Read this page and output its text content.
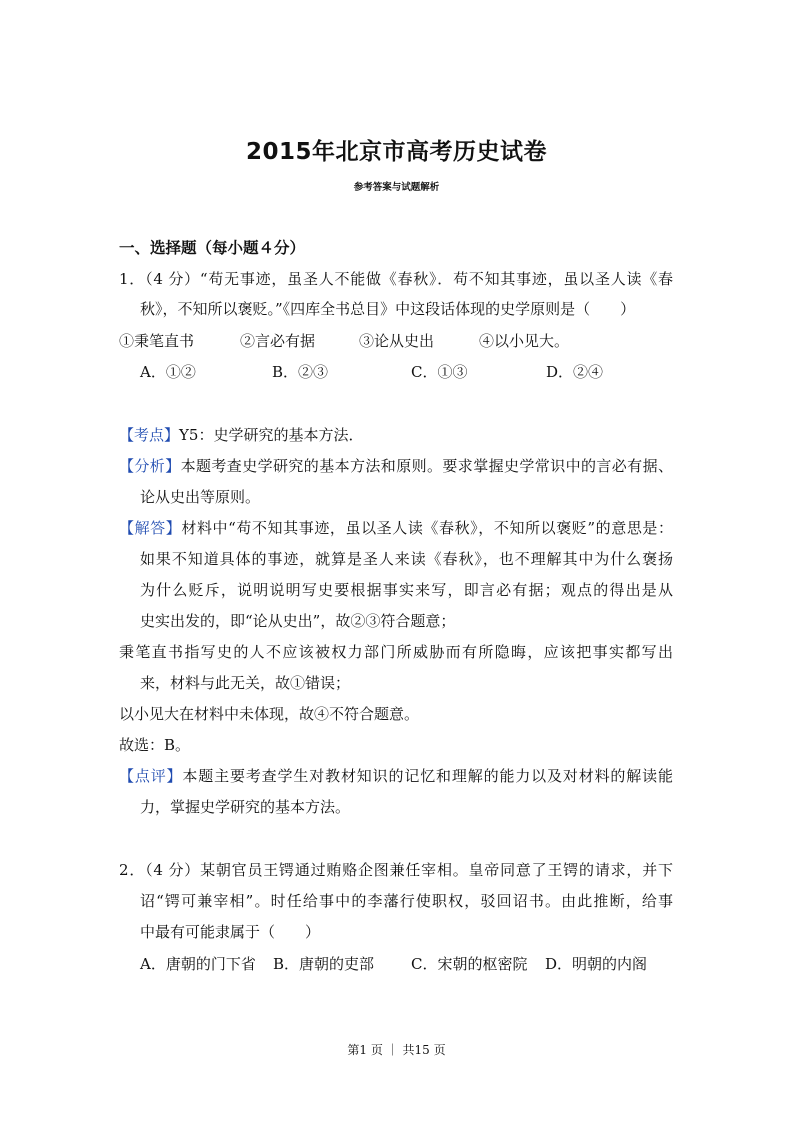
2015年北京市高考历史试卷
参考答案与试题解析
一、选择题（每小题４分）
1．（4 分）“苟无事迹，虽圣人不能做《春秋》．苟不知其事迹，虽以圣人读《春
秋》，不知所以褒贬。”《四库全书总目》中这段话体现的史学原则是（　　）
①秉笔直书	②言必有据	③论从史出	④以小见大。
A．①②	B．②③	C．①③	D．②④
【考点】Y5：史学研究的基本方法．
【分析】本题考查史学研究的基本方法和原则。要求掌握史学常识中的言必有据、
论从史出等原则。
【解答】材料中“苟不知其事迹，虽以圣人读《春秋》，不知所以褒贬”的意思是：
如果不知道具体的事迹，就算是圣人来读《春秋》，也不理解其中为什么褒扬
为什么贬斥，说明说明写史要根据事实来写，即言必有据；观点的得出是从
史实出发的，即“论从史出”，故②③符合题意；
秉笔直书指写史的人不应该被权力部门所威胁而有所隐晦，应该把事实都写出
来，材料与此无关，故①错误；
以小见大在材料中未体现，故④不符合题意。
故选：B。
【点评】本题主要考查学生对教材知识的记忆和理解的能力以及对材料的解读能
力，掌握史学研究的基本方法。
2．（4 分）某朝官员王锷通过贿赂企图兼任宰相。皇帝同意了王锷的请求，并下
诏“锷可兼宰相”。时任给事中的李藩行使职权，驳回诏书。由此推断，给事
中最有可能隶属于（　　）
A．唐朝的门下省 B．唐朝的吏部 C．宋朝的枢密院 D．明朝的内阁
第1 页 ｜ 共15 页
